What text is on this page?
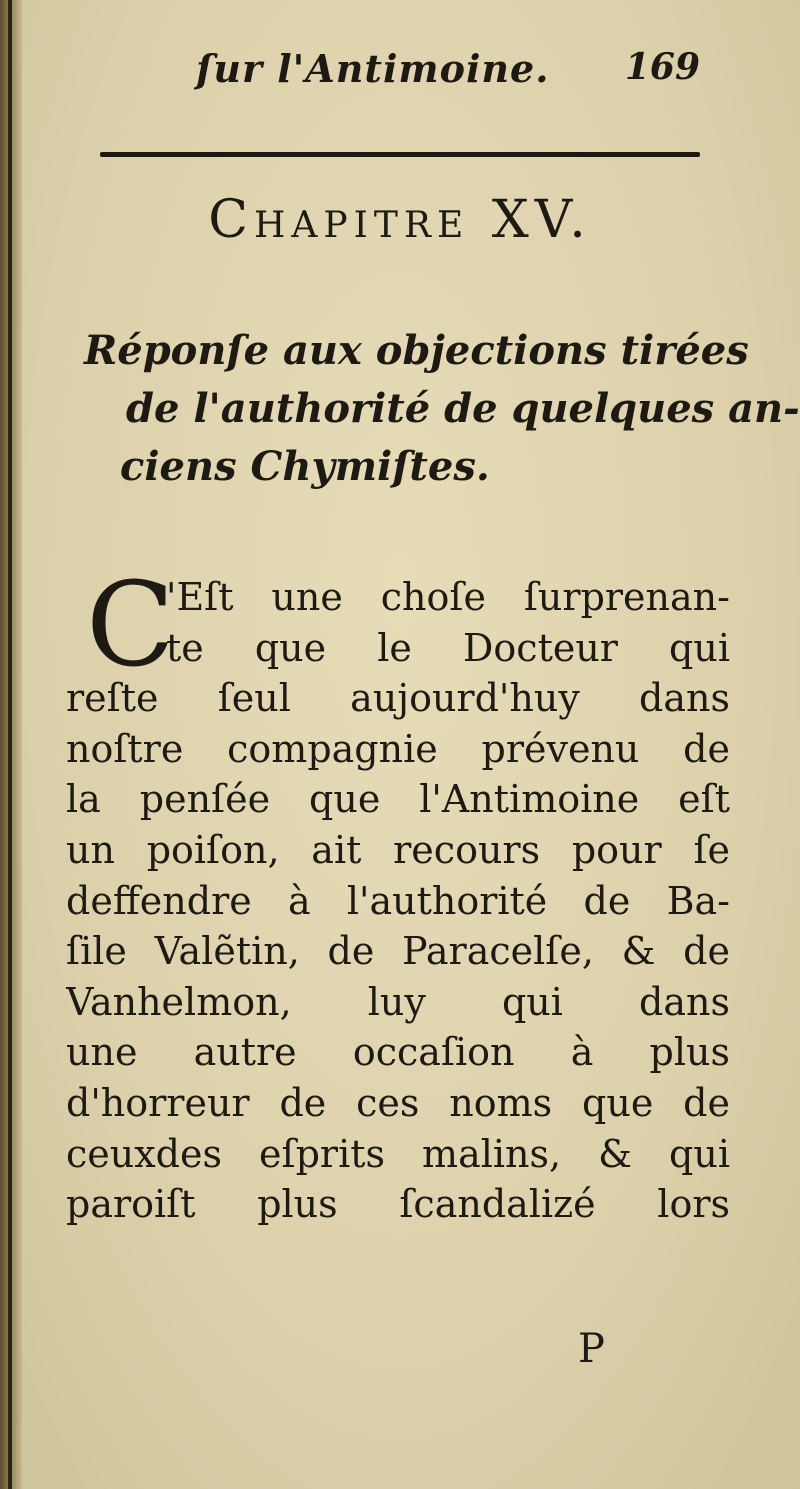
ſur l'Antimoine. 169
Chapitre XV.
Réponſe aux objections tirées
de l'authorité de quelques an-
ciens Chymiſtes.
C
'Eſt une choſe ſurprenan-
te que le Docteur qui
reſte ſeul aujourd'huy dans
noſtre compagnie prévenu de
la penſée que l'Antimoine eſt
un poiſon, ait recours pour ſe
deffendre à l'authorité de Ba-
ſile Valẽtin, de Paracelſe, & de
Vanhelmon, luy qui dans
une autre occaſion à plus
d'horreur de ces noms que de
ceuxdes eſprits malins, & qui
paroiſt plus ſcandalizé lors
P
